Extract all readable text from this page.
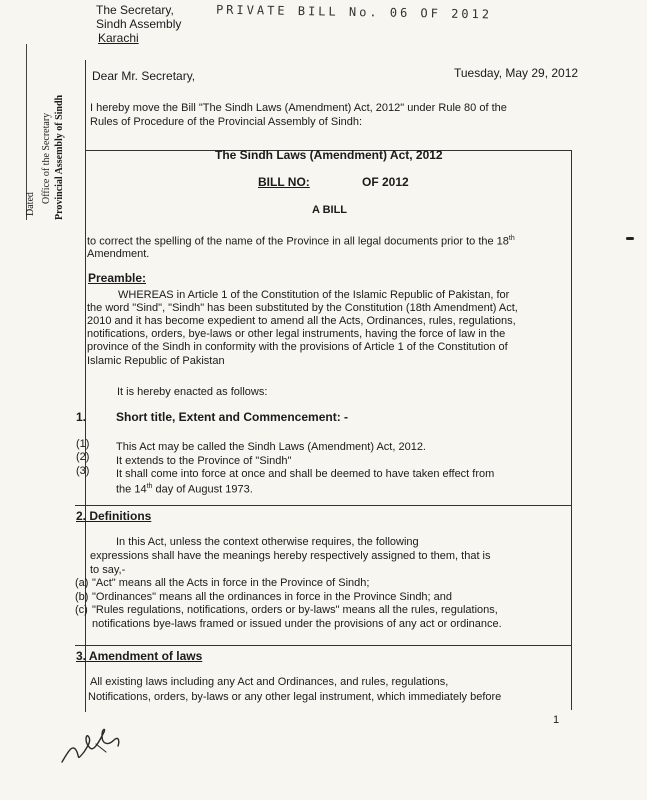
The Secretary,
Sindh Assembly
Karachi
PRIVATE BILL No. 06 OF 2012
Office of the Secretary Provincial Assembly of Sindh
Dated
Dear Mr. Secretary,	Tuesday, May 29, 2012
I hereby move the Bill "The Sindh Laws (Amendment) Act, 2012" under Rule 80 of the
Rules of Procedure of the Provincial Assembly of Sindh:
The Sindh Laws (Amendment) Act, 2012
BILL NO:	OF 2012
A BILL
to correct the spelling of the name of the Province in all legal documents prior to the 18th
Amendment.
Preamble:
WHEREAS in Article 1 of the Constitution of the Islamic Republic of Pakistan, for
the word "Sind", "Sindh" has been substituted by the Constitution (18th Amendment) Act,
2010 and it has become expedient to amend all the Acts, Ordinances, rules, regulations,
notifications, orders, bye-laws or other legal instruments, having the force of law in the
province of the Sindh in conformity with the provisions of Article 1 of the Constitution of
Islamic Republic of Pakistan
It is hereby enacted as follows:
1. Short title, Extent and Commencement: -
(1) This Act may be called the Sindh Laws (Amendment) Act, 2012.
(2) It extends to the Province of "Sindh"
(3) It shall come into force at once and shall be deemed to have taken effect from
the 14th day of August 1973.
2. Definitions
In this Act, unless the context otherwise requires, the following
expressions shall have the meanings hereby respectively assigned to them, that is
to say,-
(a) "Act" means all the Acts in force in the Province of Sindh;
(b) "Ordinances" means all the ordinances in force in the Province Sindh; and
(c) "Rules regulations, notifications, orders or by-laws" means all the rules, regulations,
notifications bye-laws framed or issued under the provisions of any act or ordinance.
3. Amendment of laws
All existing laws including any Act and Ordinances, and rules, regulations,
Notifications, orders, by-laws or any other legal instrument, which immediately before
1
